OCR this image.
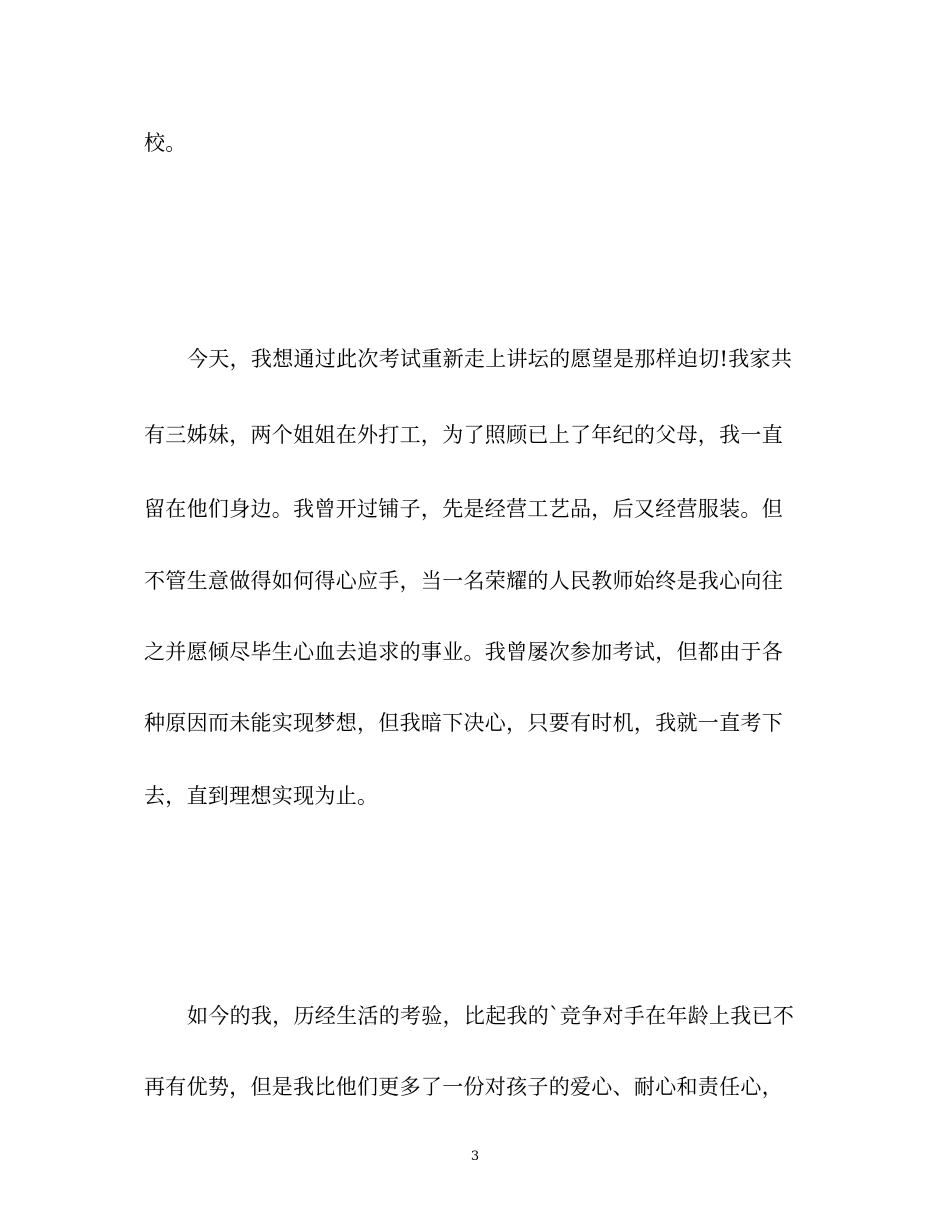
校。
今天，我想通过此次考试重新走上讲坛的愿望是那样迫切!我家共
有三姊妹，两个姐姐在外打工，为了照顾已上了年纪的父母，我一直
留在他们身边。我曾开过铺子，先是经营工艺品，后又经营服装。但
不管生意做得如何得心应手，当一名荣耀的人民教师始终是我心向往
之并愿倾尽毕生心血去追求的事业。我曾屡次参加考试，但都由于各
种原因而未能实现梦想，但我暗下决心，只要有时机，我就一直考下
去，直到理想实现为止。
如今的我，历经生活的考验，比起我的`竞争对手在年龄上我已不
再有优势，但是我比他们更多了一份对孩子的爱心、耐心和责任心，
3
